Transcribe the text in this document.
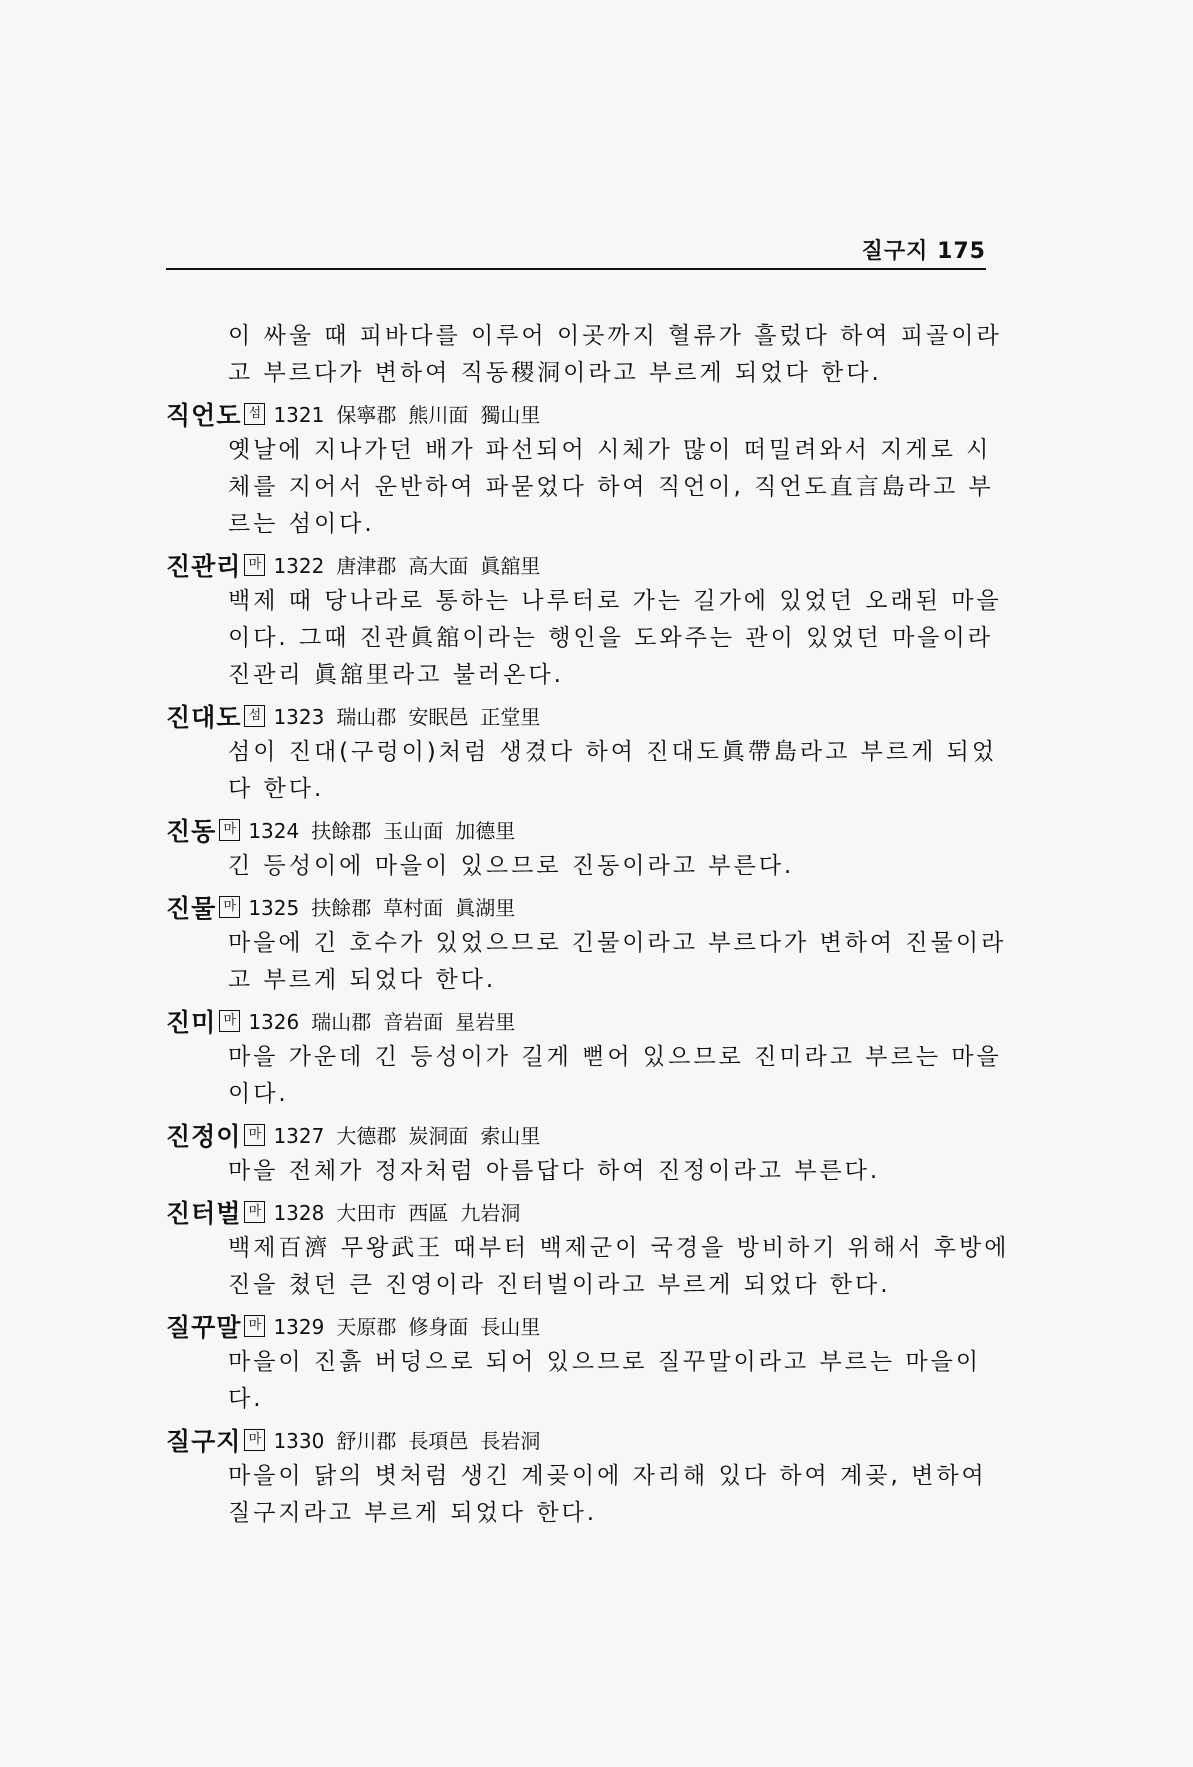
질구지 175
이 싸울 때 피바다를 이루어 이곳까지 혈류가 흘렀다 하여 피골이라
고 부르다가 변하여 직동稷洞이라고 부르게 되었다 한다.
직언도 섬 1321 保寧郡 熊川面 獨山里
옛날에 지나가던 배가 파선되어 시체가 많이 떠밀려와서 지게로 시
체를 지어서 운반하여 파묻었다 하여 직언이, 직언도直言島라고 부
르는 섬이다.
진관리 마 1322 唐津郡 高大面 眞舘里
백제 때 당나라로 통하는 나루터로 가는 길가에 있었던 오래된 마을
이다. 그때 진관眞舘이라는 행인을 도와주는 관이 있었던 마을이라
진관리 眞舘里라고 불러온다.
진대도 섬 1323 瑞山郡 安眠邑 正堂里
섬이 진대(구렁이)처럼 생겼다 하여 진대도眞帶島라고 부르게 되었
다 한다.
진동 마 1324 扶餘郡 玉山面 加德里
긴 등성이에 마을이 있으므로 진동이라고 부른다.
진물 마 1325 扶餘郡 草村面 眞湖里
마을에 긴 호수가 있었으므로 긴물이라고 부르다가 변하여 진물이라
고 부르게 되었다 한다.
진미 마 1326 瑞山郡 音岩面 星岩里
마을 가운데 긴 등성이가 길게 뻗어 있으므로 진미라고 부르는 마을
이다.
진정이 마 1327 大德郡 炭洞面 索山里
마을 전체가 정자처럼 아름답다 하여 진정이라고 부른다.
진터벌 마 1328 大田市 西區 九岩洞
백제百濟 무왕武王 때부터 백제군이 국경을 방비하기 위해서 후방에
진을 쳤던 큰 진영이라 진터벌이라고 부르게 되었다 한다.
질꾸말 마 1329 天原郡 修身面 長山里
마을이 진흙 버덩으로 되어 있으므로 질꾸말이라고 부르는 마을이
다.
질구지 마 1330 舒川郡 長項邑 長岩洞
마을이 닭의 볏처럼 생긴 계곶이에 자리해 있다 하여 계곶, 변하여
질구지라고 부르게 되었다 한다.
